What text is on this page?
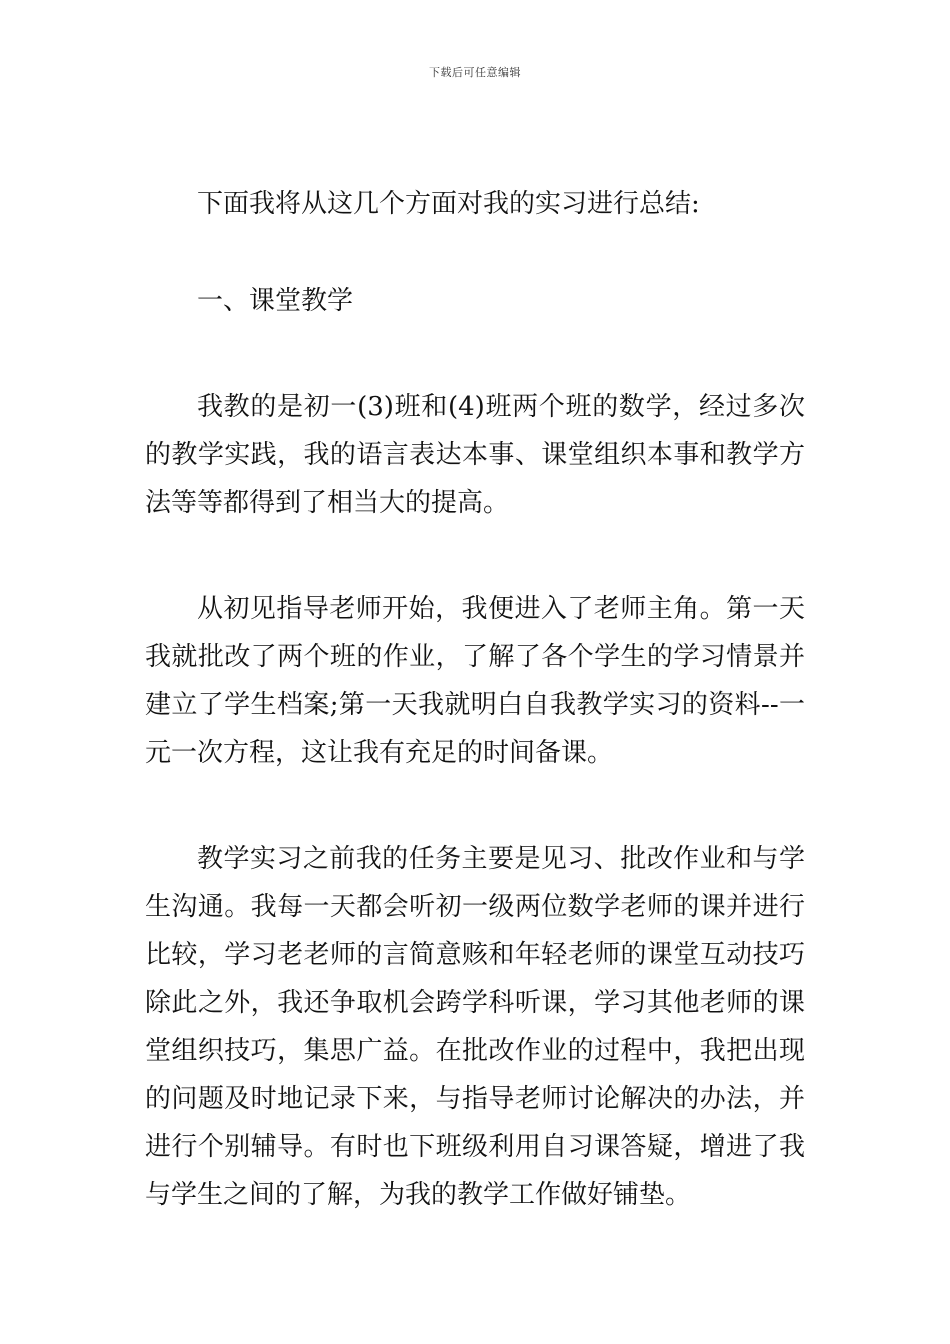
下载后可任意编辑

下面我将从这几个方面对我的实习进行总结:

一、课堂教学

我教的是初一(3)班和(4)班两个班的数学，经过多次的教学实践，我的语言表达本事、课堂组织本事和教学方法等等都得到了相当大的提高。

从初见指导老师开始，我便进入了老师主角。第一天我就批改了两个班的作业，了解了各个学生的学习情景并建立了学生档案;第一天我就明白自我教学实习的资料--一元一次方程，这让我有充足的时间备课。

教学实习之前我的任务主要是见习、批改作业和与学生沟通。我每一天都会听初一级两位数学老师的课并进行比较，学习老老师的言简意赅和年轻老师的课堂互动技巧除此之外，我还争取机会跨学科听课，学习其他老师的课堂组织技巧，集思广益。在批改作业的过程中，我把出现的问题及时地记录下来，与指导老师讨论解决的办法，并进行个别辅导。有时也下班级利用自习课答疑，增进了我与学生之间的了解，为我的教学工作做好铺垫。
